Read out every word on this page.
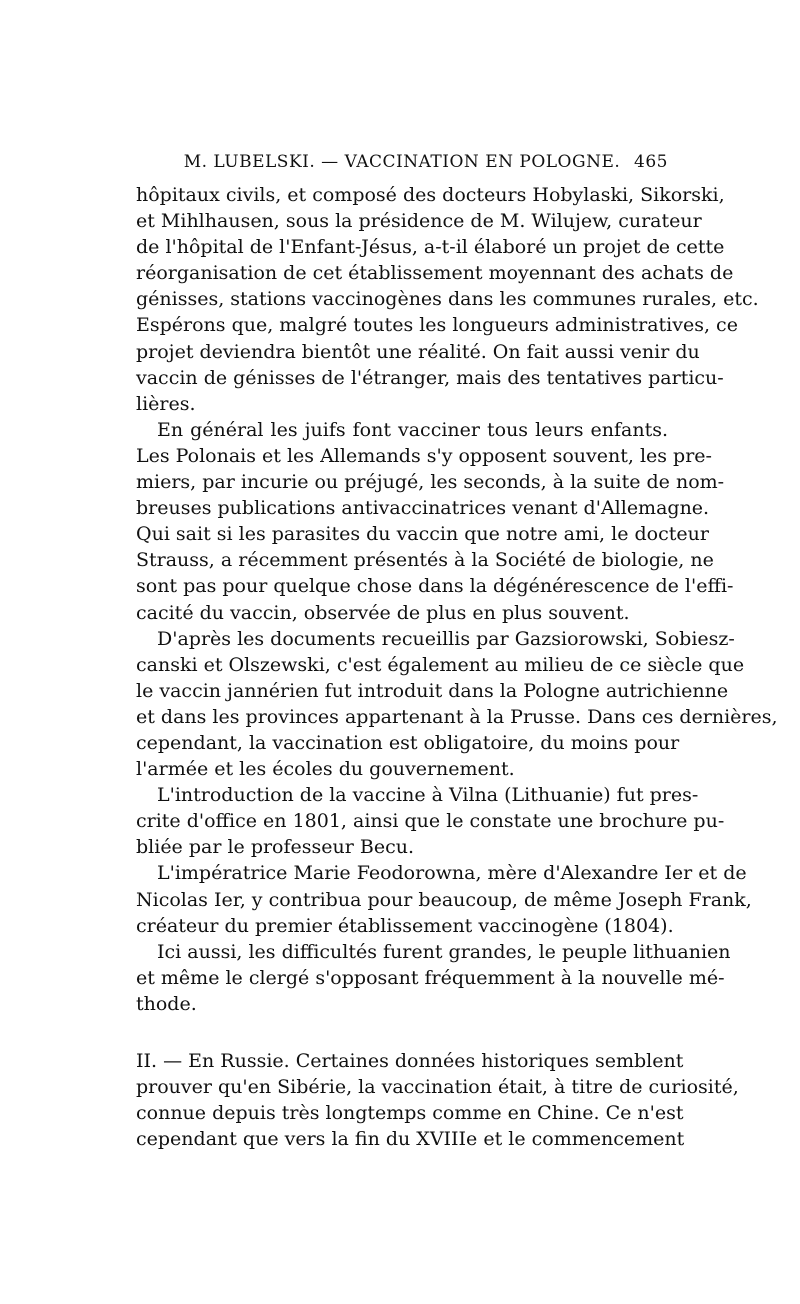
M. LUBELSKI. — VACCINATION EN POLOGNE. 465
hôpitaux civils, et composé des docteurs Hobylaski, Sikorski,
et Mihlhausen, sous la présidence de M. Wilujew, curateur
de l'hôpital de l'Enfant-Jésus, a-t-il élaboré un projet de cette
réorganisation de cet établissement moyennant des achats de
génisses, stations vaccinogènes dans les communes rurales, etc.
Espérons que, malgré toutes les longueurs administratives, ce
projet deviendra bientôt une réalité. On fait aussi venir du
vaccin de génisses de l'étranger, mais des tentatives particu-
lières.
En général les juifs font vacciner tous leurs enfants.
Les Polonais et les Allemands s'y opposent souvent, les pre-
miers, par incurie ou préjugé, les seconds, à la suite de nom-
breuses publications antivaccinatrices venant d'Allemagne.
Qui sait si les parasites du vaccin que notre ami, le docteur
Strauss, a récemment présentés à la Société de biologie, ne
sont pas pour quelque chose dans la dégénérescence de l'effi-
cacité du vaccin, observée de plus en plus souvent.
D'après les documents recueillis par Gazsiorowski, Sobiesz-
canski et Olszewski, c'est également au milieu de ce siècle que
le vaccin jannérien fut introduit dans la Pologne autrichienne
et dans les provinces appartenant à la Prusse. Dans ces dernières,
cependant, la vaccination est obligatoire, du moins pour
l'armée et les écoles du gouvernement.
L'introduction de la vaccine à Vilna (Lithuanie) fut pres-
crite d'office en 1801, ainsi que le constate une brochure pu-
bliée par le professeur Becu.
L'impératrice Marie Feodorowna, mère d'Alexandre Ier et de
Nicolas Ier, y contribua pour beaucoup, de même Joseph Frank,
créateur du premier établissement vaccinogène (1804).
Ici aussi, les difficultés furent grandes, le peuple lithuanien
et même le clergé s'opposant fréquemment à la nouvelle mé-
thode.
II. — En Russie. Certaines données historiques semblent
prouver qu'en Sibérie, la vaccination était, à titre de curiosité,
connue depuis très longtemps comme en Chine. Ce n'est
cependant que vers la fin du XVIIIe et le commencement
